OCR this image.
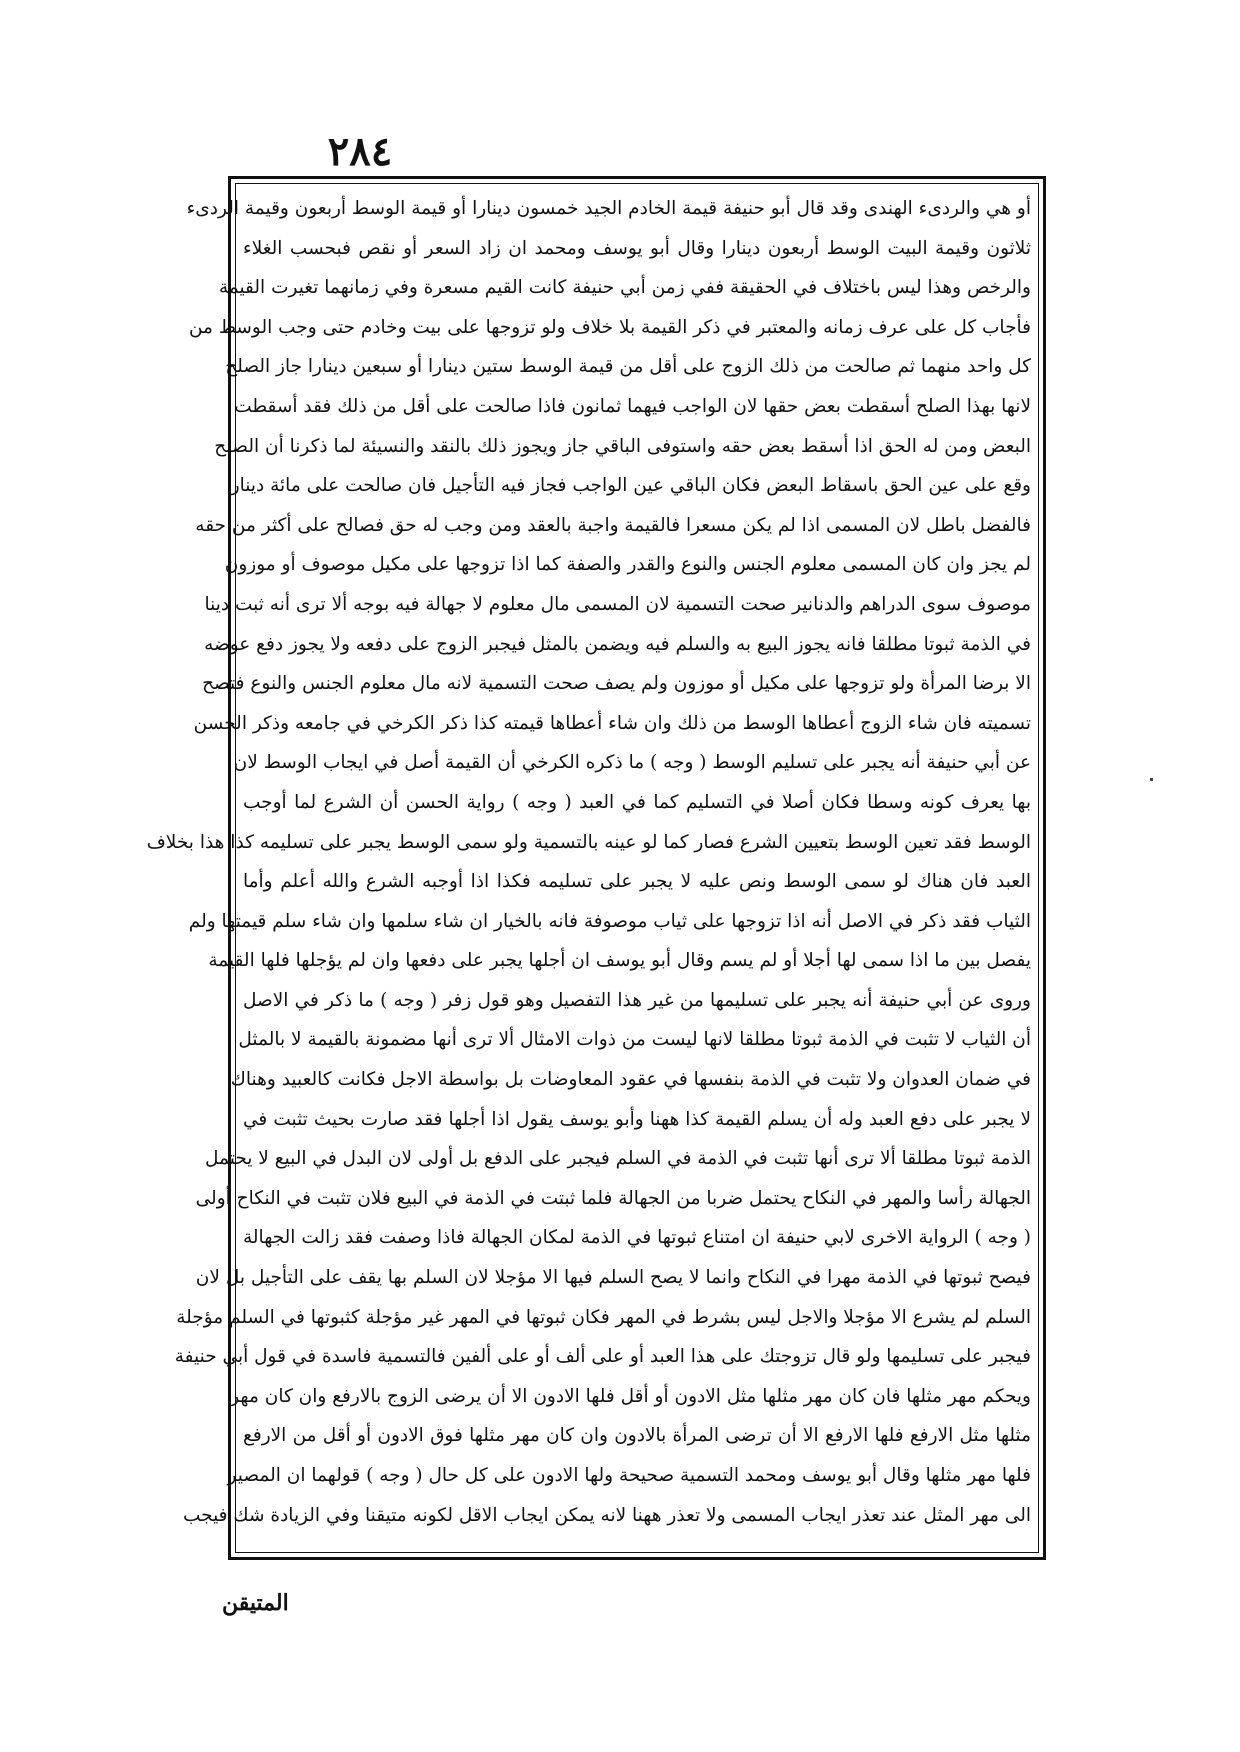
٢٨٤
أو هي والردىء الهندى وقد قال أبو حنيفة قيمة الخادم الجيد خمسون دينارا أو قيمة الوسط أربعون وقيمة الردىء
ثلاثون وقيمة البيت الوسط أربعون دينارا وقال أبو يوسف ومحمد ان زاد السعر أو نقص فبحسب الغلاء
والرخص وهذا ليس باختلاف في الحقيقة ففي زمن أبي حنيفة كانت القيم مسعرة وفي زمانهما تغيرت القيمة
فأجاب كل على عرف زمانه والمعتبر في ذكر القيمة بلا خلاف ولو تزوجها على بيت وخادم حتى وجب الوسط من
كل واحد منهما ثم صالحت من ذلك الزوج على أقل من قيمة الوسط ستين دينارا أو سبعين دينارا جاز الصلح
لانها بهذا الصلح أسقطت بعض حقها لان الواجب فيهما ثمانون فاذا صالحت على أقل من ذلك فقد أسقطت
البعض ومن له الحق اذا أسقط بعض حقه واستوفى الباقي جاز ويجوز ذلك بالنقد والنسيئة لما ذكرنا أن الصلح
وقع على عين الحق باسقاط البعض فكان الباقي عين الواجب فجاز فيه التأجيل فان صالحت على مائة دينار
فالفضل باطل لان المسمى اذا لم يكن مسعرا فالقيمة واجبة بالعقد ومن وجب له حق فصالح على أكثر من حقه
لم يجز وان كان المسمى معلوم الجنس والنوع والقدر والصفة كما اذا تزوجها على مكيل موصوف أو موزون
موصوف سوى الدراهم والدنانير صحت التسمية لان المسمى مال معلوم لا جهالة فيه بوجه ألا ترى أنه ثبت دينا
في الذمة ثبوتا مطلقا فانه يجوز البيع به والسلم فيه ويضمن بالمثل فيجبر الزوج على دفعه ولا يجوز دفع عوضه
الا برضا المرأة ولو تزوجها على مكيل أو موزون ولم يصف صحت التسمية لانه مال معلوم الجنس والنوع فتصح
تسميته فان شاء الزوج أعطاها الوسط من ذلك وان شاء أعطاها قيمته كذا ذكر الكرخي في جامعه وذكر الحسن
عن أبي حنيفة أنه يجبر على تسليم الوسط ( وجه ) ما ذكره الكرخي أن القيمة أصل في ايجاب الوسط لان
بها يعرف كونه وسطا فكان أصلا في التسليم كما في العبد ( وجه ) رواية الحسن أن الشرع لما أوجب
الوسط فقد تعين الوسط بتعيين الشرع فصار كما لو عينه بالتسمية ولو سمى الوسط يجبر على تسليمه كذا هذا بخلاف
العبد فان هناك لو سمى الوسط ونص عليه لا يجبر على تسليمه فكذا اذا أوجبه الشرع والله أعلم وأما
الثياب فقد ذكر في الاصل أنه اذا تزوجها على ثياب موصوفة فانه بالخيار ان شاء سلمها وان شاء سلم قيمتها ولم
يفصل بين ما اذا سمى لها أجلا أو لم يسم وقال أبو يوسف ان أجلها يجبر على دفعها وان لم يؤجلها فلها القيمة
وروى عن أبي حنيفة أنه يجبر على تسليمها من غير هذا التفصيل وهو قول زفر ( وجه ) ما ذكر في الاصل
أن الثياب لا تثبت في الذمة ثبوتا مطلقا لانها ليست من ذوات الامثال ألا ترى أنها مضمونة بالقيمة لا بالمثل
في ضمان العدوان ولا تثبت في الذمة بنفسها في عقود المعاوضات بل بواسطة الاجل فكانت كالعبيد وهناك
لا يجبر على دفع العبد وله أن يسلم القيمة كذا ههنا وأبو يوسف يقول اذا أجلها فقد صارت بحيث تثبت في
الذمة ثبوتا مطلقا ألا ترى أنها تثبت في الذمة في السلم فيجبر على الدفع بل أولى لان البدل في البيع لا يحتمل
الجهالة رأسا والمهر في النكاح يحتمل ضربا من الجهالة فلما ثبتت في الذمة في البيع فلان تثبت في النكاح أولى
( وجه ) الرواية الاخرى لابي حنيفة ان امتناع ثبوتها في الذمة لمكان الجهالة فاذا وصفت فقد زالت الجهالة
فيصح ثبوتها في الذمة مهرا في النكاح وانما لا يصح السلم فيها الا مؤجلا لان السلم بها يقف على التأجيل بل لان
السلم لم يشرع الا مؤجلا والاجل ليس بشرط في المهر فكان ثبوتها في المهر غير مؤجلة كثبوتها في السلم مؤجلة
فيجبر على تسليمها ولو قال تزوجتك على هذا العبد أو على ألف أو على ألفين فالتسمية فاسدة في قول أبي حنيفة
ويحكم مهر مثلها فان كان مهر مثلها مثل الادون أو أقل فلها الادون الا أن يرضى الزوج بالارفع وان كان مهر
مثلها مثل الارفع فلها الارفع الا أن ترضى المرأة بالادون وان كان مهر مثلها فوق الادون أو أقل من الارفع
فلها مهر مثلها وقال أبو يوسف ومحمد التسمية صحيحة ولها الادون على كل حال ( وجه ) قولهما ان المصير
الى مهر المثل عند تعذر ايجاب المسمى ولا تعذر ههنا لانه يمكن ايجاب الاقل لكونه متيقنا وفي الزيادة شك فيجب
المتيقن
